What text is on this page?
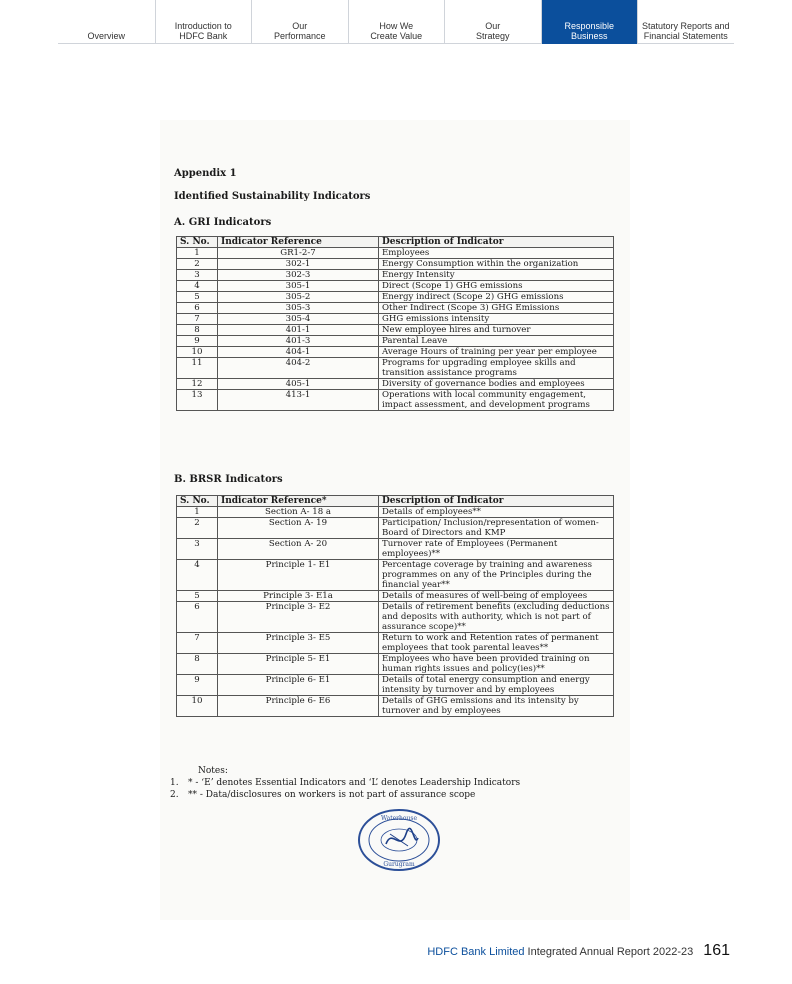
Overview
Introduction to
HDFC Bank
Our
Performance
How We
Create Value
Our
Strategy
Responsible
Business
Statutory Reports and
Financial Statements
Appendix 1
Identified Sustainability Indicators
A. GRI Indicators
S. No.	Indicator Reference	Description of Indicator
1	GR1-2-7	Employees
2	302-1	Energy Consumption within the organization
3	302-3	Energy Intensity
4	305-1	Direct (Scope 1) GHG emissions
5	305-2	Energy indirect (Scope 2) GHG emissions
6	305-3	Other Indirect (Scope 3) GHG Emissions
7	305-4	GHG emissions intensity
8	401-1	New employee hires and turnover
9	401-3	Parental Leave
10	404-1	Average Hours of training per year per employee
11	404-2	Programs for upgrading employee skills and transition assistance programs
12	405-1	Diversity of governance bodies and employees
13	413-1	Operations with local community engagement, impact assessment, and development programs
B. BRSR Indicators
S. No.	Indicator Reference*	Description of Indicator
1	Section A- 18 a	Details of employees**
2	Section A- 19	Participation/ Inclusion/representation of women- Board of Directors and KMP
3	Section A- 20	Turnover rate of Employees (Permanent employees)**
4	Principle 1- E1	Percentage coverage by training and awareness programmes on any of the Principles during the financial year**
5	Principle 3- E1a	Details of measures of well-being of employees
6	Principle 3- E2	Details of retirement benefits (excluding deductions and deposits with authority, which is not part of assurance scope)**
7	Principle 3- E5	Return to work and Retention rates of permanent employees that took parental leaves**
8	Principle 5- E1	Employees who have been provided training on human rights issues and policy(ies)**
9	Principle 6- E1	Details of total energy consumption and energy intensity by turnover and by employees
10	Principle 6- E6	Details of GHG emissions and its intensity by turnover and by employees
Notes:
1.	* - ‘E’ denotes Essential Indicators and ‘L’ denotes Leadership Indicators
2.	** - Data/disclosures on workers is not part of assurance scope
Waterhouse
Gurugram
HDFC Bank Limited Integrated Annual Report 2022-23 161
